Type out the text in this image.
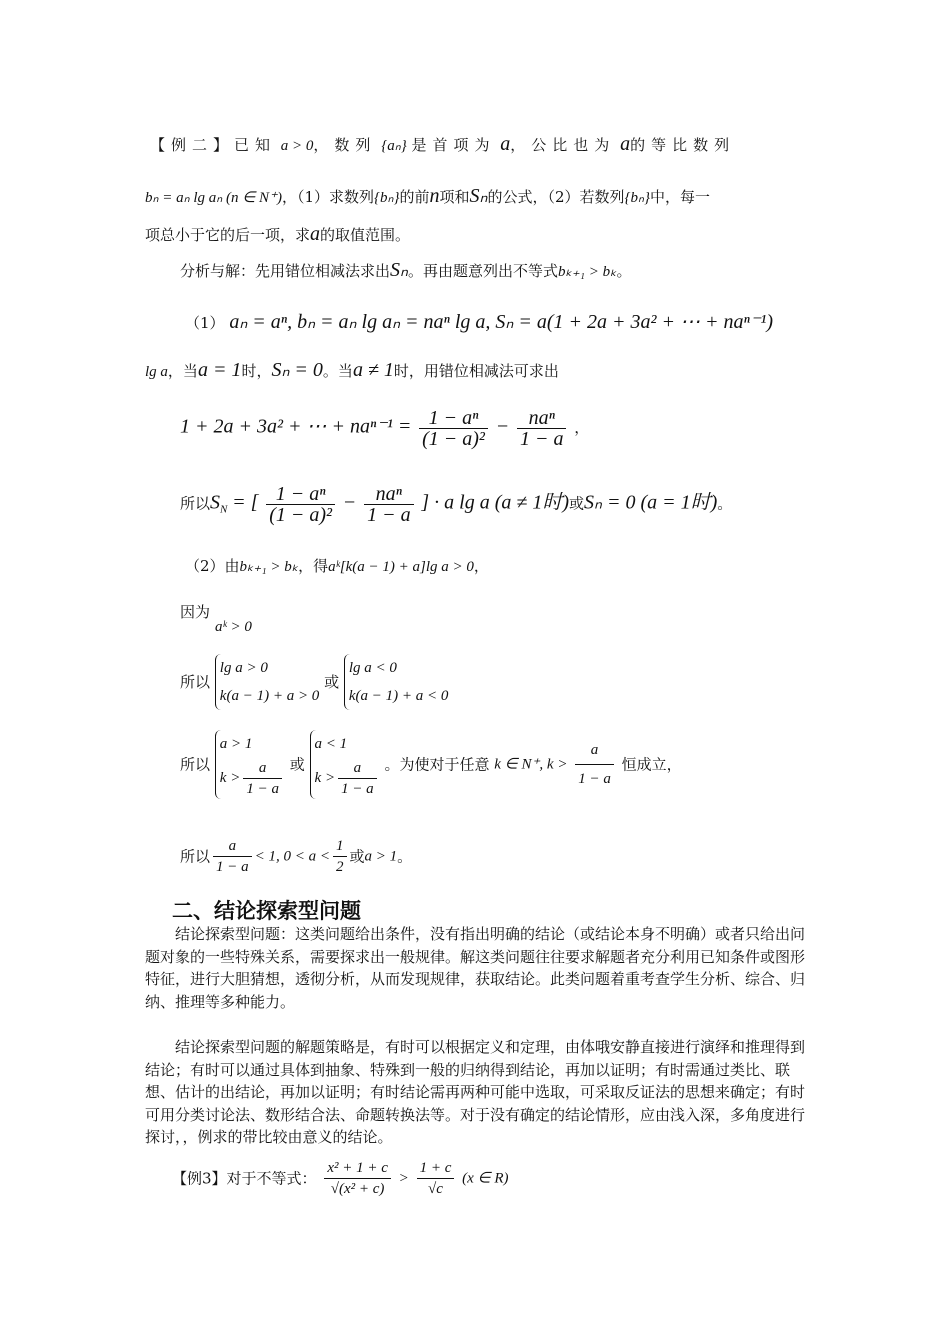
【例二】已知 a > 0，数列 {aₙ} 是首项为 a，公比也为 a的等比数列
bₙ = aₙ lg aₙ (n ∈ N⁺)，（1）求数列{bₙ}的前n项和Sₙ的公式，（2）若数列{bₙ}中，每一
项总小于它的后一项，求a的取值范围。
分析与解：先用错位相减法求出Sₙ。再由题意列出不等式bₖ₊₁ > bₖ。
（1） aₙ = aⁿ, bₙ = aₙ lg aₙ = naⁿ lg a, Sₙ = a(1 + 2a + 3a² + ⋯ + naⁿ⁻¹)
lg a，当a = 1时，Sₙ = 0。当a ≠ 1时，用错位相减法可求出
1 + 2a + 3a² + ⋯ + $na^{n-1} = \frac{\text{1 − aⁿ}}{\text{(1 − a)²}} - \frac{\text{naⁿ}}{1 - a}$ ，
所以$S_N$ = [ $\frac{\text{1 − aⁿ}}{\text{(1 − a)²}} - \frac{\text{naⁿ}}{1 - a}$ ] · a lg a (a ≠ 1时)或Sₙ = 0 (a = 1时)。
（2）由bₖ₊₁ > bₖ，得aᵏ[k(a − 1) + a]lg a > 0，
因为
aᵏ > 0
所以
lg a > 0
k(a − 1) + a > 0
或
lg a < 0
k(a − 1) + a < 0
所以
a > 1
$k > \frac{a}{1 - a}$ 或
a < 1
$k > \frac{a}{1 - a}$ 。为使对于任意 k ∈ N⁺, $k > \frac{a}{1 - a}$ 恒成立，
所以 $\frac{a}{1 - a} < 1$, $0 < a < \frac{1}{2}$ 或a > 1。
二、结论探索型问题
结论探索型问题：这类问题给出条件，没有指出明确的结论（或结论本身不明确）或者只给出问题对象的一些特殊关系，需要探求出一般规律。解这类问题往往要求解题者充分利用已知条件或图形特征，进行大胆猜想，透彻分析，从而发现规律，获取结论。此类问题着重考查学生分析、综合、归纳、推理等多种能力。
结论探索型问题的解题策略是，有时可以根据定义和定理，由体哦安静直接进行演绎和推理得到结论；有时可以通过具体到抽象、特殊到一般的归纳得到结论，再加以证明；有时需通过类比、联想、估计的出结论，再加以证明；有时结论需再两种可能中选取，可采取反证法的思想来确定；有时可用分类讨论法、数形结合法、命题转换法等。对于没有确定的结论情形，应由浅入深，多角度进行探讨，，例求的带比较由意义的结论。
【例3】对于不等式： $\frac{\text{x² + 1 + c}}{\text{√(x² + c)}} > \frac{1 + c}{√c} (x$ ∈ R)
